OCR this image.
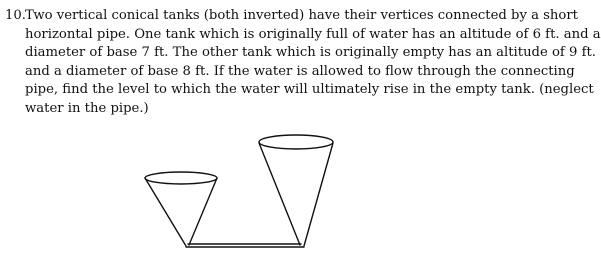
10.Two vertical conical tanks (both inverted) have their vertices connected by a short
horizontal pipe. One tank which is originally full of water has an altitude of 6 ft. and a
diameter of base 7 ft. The other tank which is originally empty has an altitude of 9 ft.
and a diameter of base 8 ft. If the water is allowed to flow through the connecting
pipe, find the level to which the water will ultimately rise in the empty tank. (neglect
water in the pipe.)
